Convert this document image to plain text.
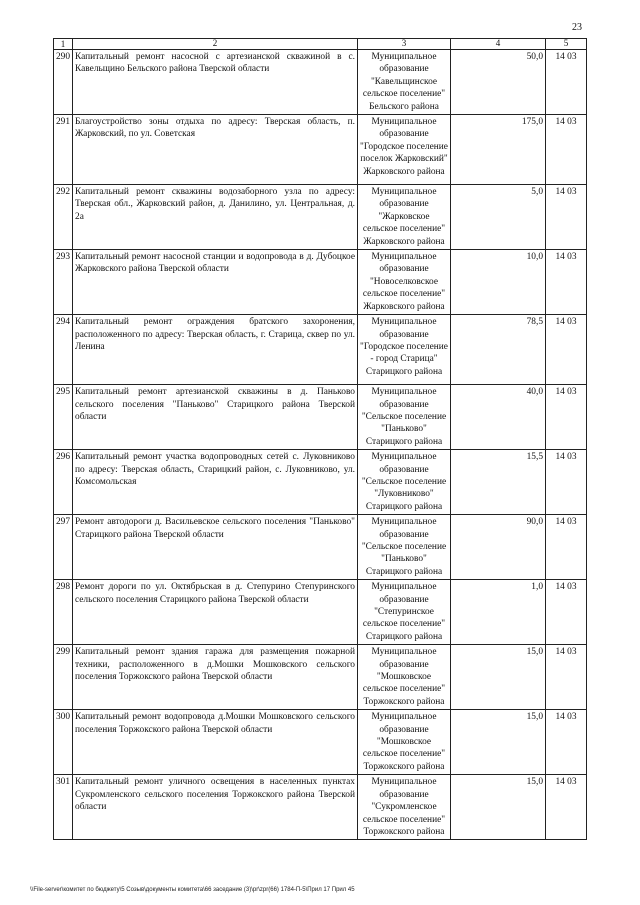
23
1	2	3	4	5
290	Капитальный ремонт насосной с артезианской скважиной в с. Кавельщино Бельского района Тверской области	Муниципальное образование "Кавельщинское сельское поселение" Бельского района	50,0	14 03
291	Благоустройство зоны отдыха по адресу: Тверская область, п. Жарковский, по ул. Советская	Муниципальное образование "Городское поселение поселок Жарковский" Жарковского района	175,0	14 03
292	Капитальный ремонт скважины водозаборного узла по адресу: Тверская обл., Жарковский район, д. Данилино, ул. Центральная, д. 2а	Муниципальное образование "Жарковское сельское поселение" Жарковского района	5,0	14 03
293	Капитальный ремонт насосной станции и водопровода в д. Дубоцкое Жарковского района Тверской области	Муниципальное образование "Новоселковское сельское поселение" Жарковского района	10,0	14 03
294	Капитальный ремонт ограждения братского захоронения, расположенного по адресу: Тверская область, г. Старица, сквер по ул. Ленина	Муниципальное образование "Городское поселение - город Старица" Старицкого района	78,5	14 03
295	Капитальный ремонт артезианской скважины в д. Паньково сельского поселения "Паньково" Старицкого района Тверской области	Муниципальное образование "Сельское поселение "Паньково" Старицкого района	40,0	14 03
296	Капитальный ремонт участка водопроводных сетей с. Луковниково по адресу: Тверская область, Старицкий район, с. Луковниково, ул. Комсомольская	Муниципальное образование "Сельское поселение "Луковниково" Старицкого района	15,5	14 03
297	Ремонт автодороги д. Васильевское сельского поселения "Паньково" Старицкого района Тверской области	Муниципальное образование "Сельское поселение "Паньково" Старицкого района	90,0	14 03
298	Ремонт дороги по ул. Октябрьская в д. Степурино Степуринского сельского поселения Старицкого района Тверской области	Муниципальное образование "Степуринское сельское поселение" Старицкого района	1,0	14 03
299	Капитальный ремонт здания гаража для размещения пожарной техники, расположенного в д.Мошки Мошковского сельского поселения Торжокского района Тверской области	Муниципальное образование "Мошковское сельское поселение" Торжокского района	15,0	14 03
300	Капитальный ремонт водопровода д.Мошки Мошковского сельского поселения Торжокского района Тверской области	Муниципальное образование "Мошковское сельское поселение" Торжокского района	15,0	14 03
301	Капитальный ремонт уличного освещения в населенных пунктах Сукромленского сельского поселения Торжокского района Тверской области	Муниципальное образование "Сукромленское сельское поселение" Торжокского района	15,0	14 03
\\File-server\комитет по бюджету\5 Созыв\документы комитета\66 заседание (3)\pr\zpr(66) 1784-П-5\Прил 17 Прил 45
